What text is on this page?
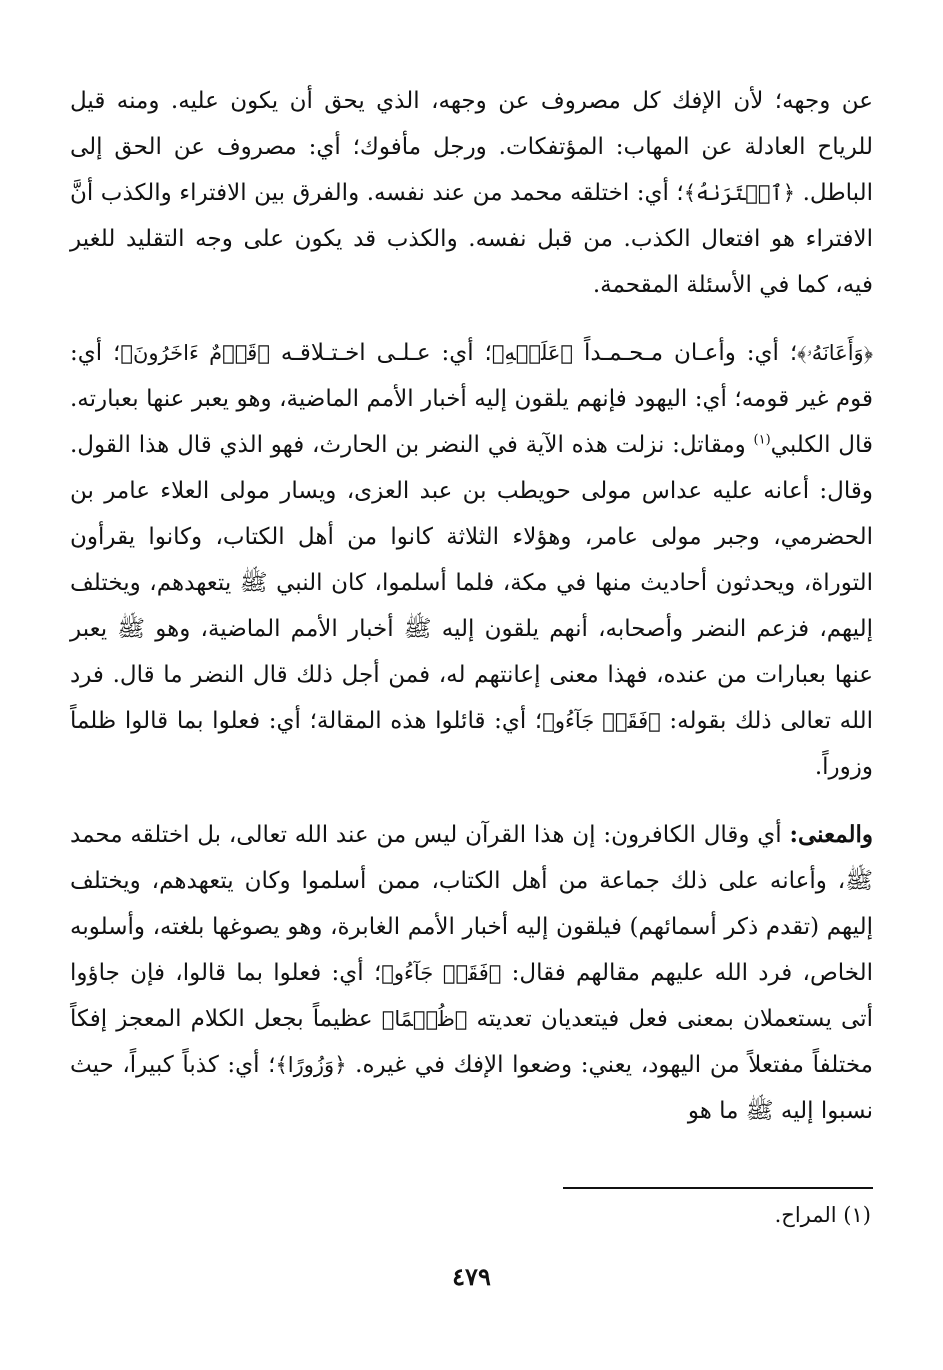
عن وجهه؛ لأن الإفك كل مصروف عن وجهه، الذي يحق أن يكون عليه. ومنه قيل للرياح العادلة عن المهاب: المؤتفكات. ورجل مأفوك؛ أي: مصروف عن الحق إلى الباطل. ﴿ٱفۡتَرَىٰهُ﴾؛ أي: اختلقه محمد من عند نفسه. والفرق بين الافتراء والكذب أنَّ الافتراء هو افتعال الكذب. من قبل نفسه. والكذب قد يكون على وجه التقليد للغير فيه، كما في الأسئلة المقحمة.

﴿وَأَعَانَهُۥ﴾؛ أي: وأعـان مـحـمـداً ﴿عَلَيۡهِ﴾؛ أي: عـلـى اخـتـلاقـه ﴿قَوۡمٌ ءَاخَرُونَ﴾؛ أي: قوم غير قومه؛ أي: اليهود فإنهم يلقون إليه أخبار الأمم الماضية، وهو يعبر عنها بعبارته. قال الكلبي$^{(١)}$ ومقاتل: نزلت هذه الآية في النضر بن الحارث، فهو الذي قال هذا القول. وقال: أعانه عليه عداس مولى حويطب بن عبد العزى، ويسار مولى العلاء عامر بن الحضرمي، وجبر مولى عامر، وهؤلاء الثلاثة كانوا من أهل الكتاب، وكانوا يقرأون التوراة، ويحدثون أحاديث منها في مكة، فلما أسلموا، كان النبي ﷺ يتعهدهم، ويختلف إليهم، فزعم النضر وأصحابه، أنهم يلقون إليه ﷺ أخبار الأمم الماضية، وهو ﷺ يعبر عنها بعبارات من عنده، فهذا معنى إعانتهم له، فمن أجل ذلك قال النضر ما قال. فرد الله تعالى ذلك بقوله: ﴿فَقَدۡ جَآءُو﴾؛ أي: قائلوا هذه المقالة؛ أي: فعلوا بما قالوا ظلماً وزوراً.

والمعنى: أي وقال الكافرون: إن هذا القرآن ليس من عند الله تعالى، بل اختلقه محمد ﷺ، وأعانه على ذلك جماعة من أهل الكتاب، ممن أسلموا وكان يتعهدهم، ويختلف إليهم (تقدم ذكر أسمائهم) فيلقون إليه أخبار الأمم الغابرة، وهو يصوغها بلغته، وأسلوبه الخاص، فرد الله عليهم مقالهم فقال: ﴿فَقَدۡ جَآءُو﴾؛ أي: فعلوا بما قالوا، فإن جاؤوا أتى يستعملان بمعنى فعل فيتعديان تعديته ﴿ظُلۡمًا﴾ عظيماً بجعل الكلام المعجز إفكاً مختلفاً مفتعلاً من اليهود، يعني: وضعوا الإفك في غيره. ﴿وَزُورًا﴾؛ أي: كذباً كبيراً، حيث نسبوا إليه ﷺ ما هو

(١) المراح.
٤٧٩
